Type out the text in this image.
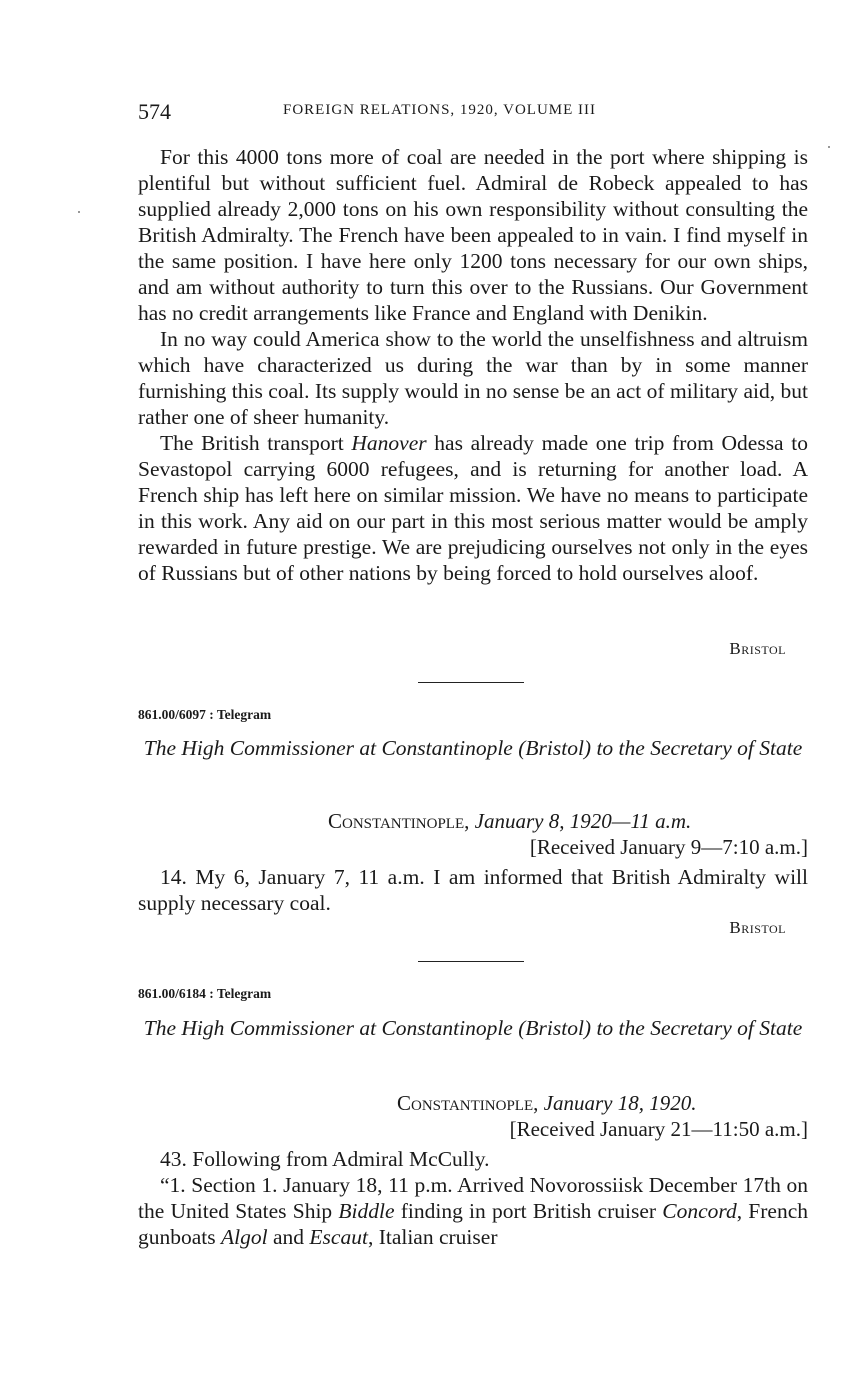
574	FOREIGN RELATIONS, 1920, VOLUME III

For this 4000 tons more of coal are needed in the port where shipping is plentiful but without sufficient fuel. Admiral de Robeck appealed to has supplied already 2,000 tons on his own responsibility without consulting the British Admiralty. The French have been appealed to in vain. I find myself in the same position. I have here only 1200 tons necessary for our own ships, and am without authority to turn this over to the Russians. Our Government has no credit arrangements like France and England with Denikin.

In no way could America show to the world the unselfishness and altruism which have characterized us during the war than by in some manner furnishing this coal. Its supply would in no sense be an act of military aid, but rather one of sheer humanity.

The British transport Hanover has already made one trip from Odessa to Sevastopol carrying 6000 refugees, and is returning for another load. A French ship has left here on similar mission. We have no means to participate in this work. Any aid on our part in this most serious matter would be amply rewarded in future prestige. We are prejudicing ourselves not only in the eyes of Russians but of other nations by being forced to hold ourselves aloof.

Bristol
861.00/6097 : Telegram

The High Commissioner at Constantinople (Bristol) to the Secretary of State

Constantinople, January 8, 1920—11 a.m.
[Received January 9—7:10 a.m.]

14. My 6, January 7, 11 a.m. I am informed that British Admiralty will supply necessary coal.

Bristol
861.00/6184 : Telegram

The High Commissioner at Constantinople (Bristol) to the Secretary of State

Constantinople, January 18, 1920.
[Received January 21—11:50 a.m.]

43. Following from Admiral McCully.

“1. Section 1. January 18, 11 p.m. Arrived Novorossiisk December 17th on the United States Ship Biddle finding in port British cruiser Concord, French gunboats Algol and Escaut, Italian cruiser
